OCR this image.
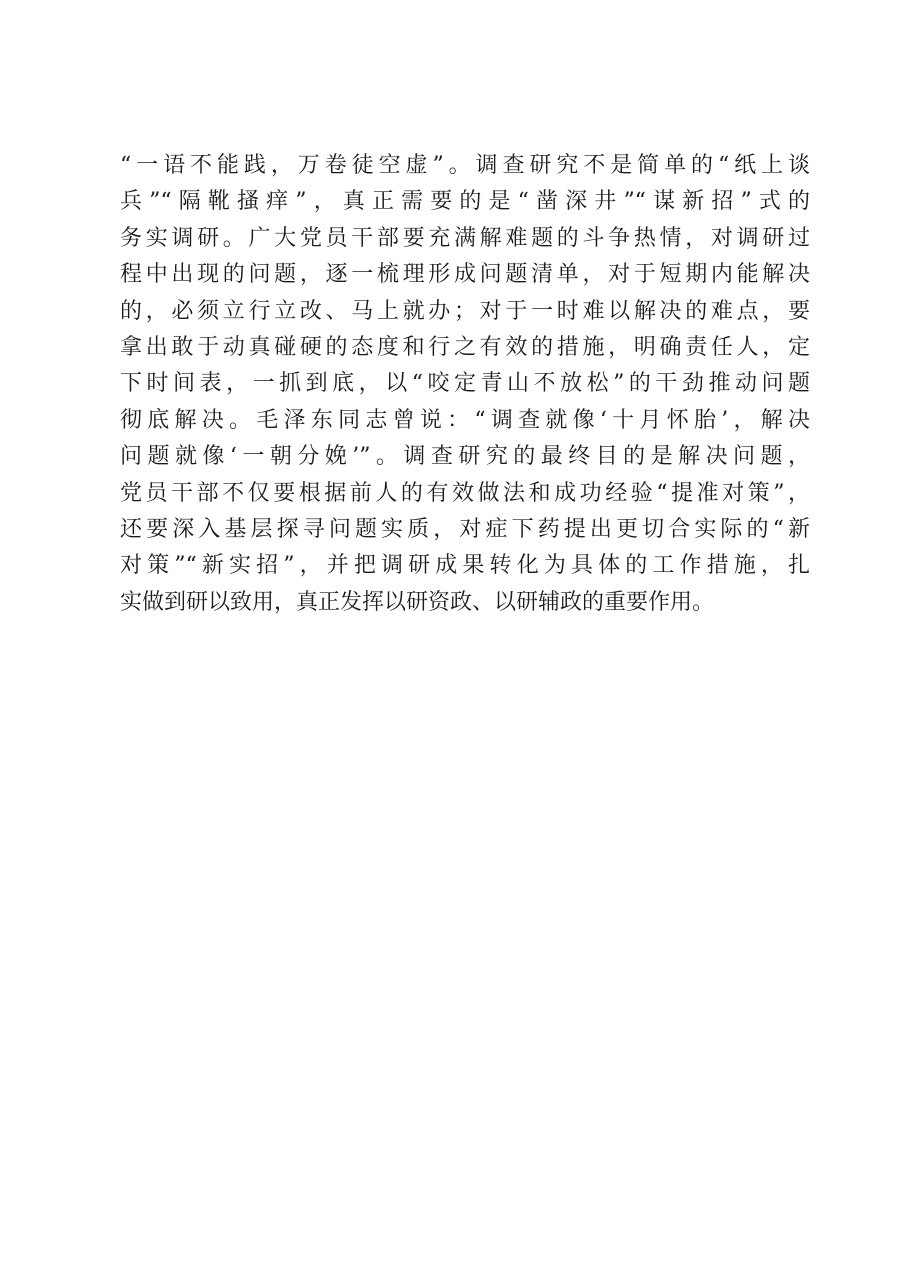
“一语不能践，万卷徒空虚”。调查研究不是简单的“纸上谈
兵”“隔靴搔痒”，真正需要的是“凿深井”“谋新招”式的
务实调研。广大党员干部要充满解难题的斗争热情，对调研过
程中出现的问题，逐一梳理形成问题清单，对于短期内能解决
的，必须立行立改、马上就办；对于一时难以解决的难点，要
拿出敢于动真碰硬的态度和行之有效的措施，明确责任人，定
下时间表，一抓到底，以“咬定青山不放松”的干劲推动问题
彻底解决。毛泽东同志曾说：“调查就像‘十月怀胎’，解决
问题就像‘一朝分娩’”。调查研究的最终目的是解决问题，
党员干部不仅要根据前人的有效做法和成功经验“提准对策”，
还要深入基层探寻问题实质，对症下药提出更切合实际的“新
对策”“新实招”，并把调研成果转化为具体的工作措施，扎
实做到研以致用，真正发挥以研资政、以研辅政的重要作用。
